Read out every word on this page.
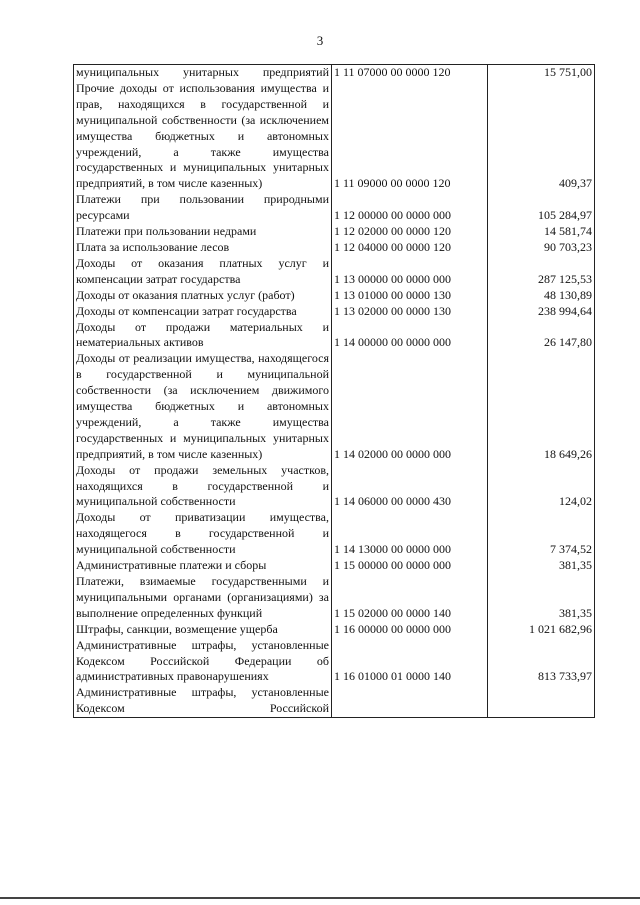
3
муниципальных унитарных предприятий	1 11 07000 00 0000 120	15 751,00
Прочие доходы от использования имущества и прав, находящихся в государственной и муниципальной собственности (за исключением имущества бюджетных и автономных учреждений, а также имущества государственных и муниципальных унитарных предприятий, в том числе казенных)	1 11 09000 00 0000 120	409,37
Платежи при пользовании природными ресурсами	1 12 00000 00 0000 000	105 284,97
Платежи при пользовании недрами	1 12 02000 00 0000 120	14 581,74
Плата за использование лесов	1 12 04000 00 0000 120	90 703,23
Доходы от оказания платных услуг и компенсации затрат государства	1 13 00000 00 0000 000	287 125,53
Доходы от оказания платных услуг (работ)	1 13 01000 00 0000 130	48 130,89
Доходы от компенсации затрат государства	1 13 02000 00 0000 130	238 994,64
Доходы от продажи материальных и нематериальных активов	1 14 00000 00 0000 000	26 147,80
Доходы от реализации имущества, находящегося в государственной и муниципальной собственности (за исключением движимого имущества бюджетных и автономных учреждений, а также имущества государственных и муниципальных унитарных предприятий, в том числе казенных)	1 14 02000 00 0000 000	18 649,26
Доходы от продажи земельных участков, находящихся в государственной и муниципальной собственности	1 14 06000 00 0000 430	124,02
Доходы от приватизации имущества, находящегося в государственной и муниципальной собственности	1 14 13000 00 0000 000	7 374,52
Административные платежи и сборы	1 15 00000 00 0000 000	381,35
Платежи, взимаемые государственными и муниципальными органами (организациями) за выполнение определенных функций	1 15 02000 00 0000 140	381,35
Штрафы, санкции, возмещение ущерба	1 16 00000 00 0000 000	1 021 682,96
Административные штрафы, установленные Кодексом Российской Федерации об административных правонарушениях	1 16 01000 01 0000 140	813 733,97
Административные штрафы, установленные Кодексом Российской		
